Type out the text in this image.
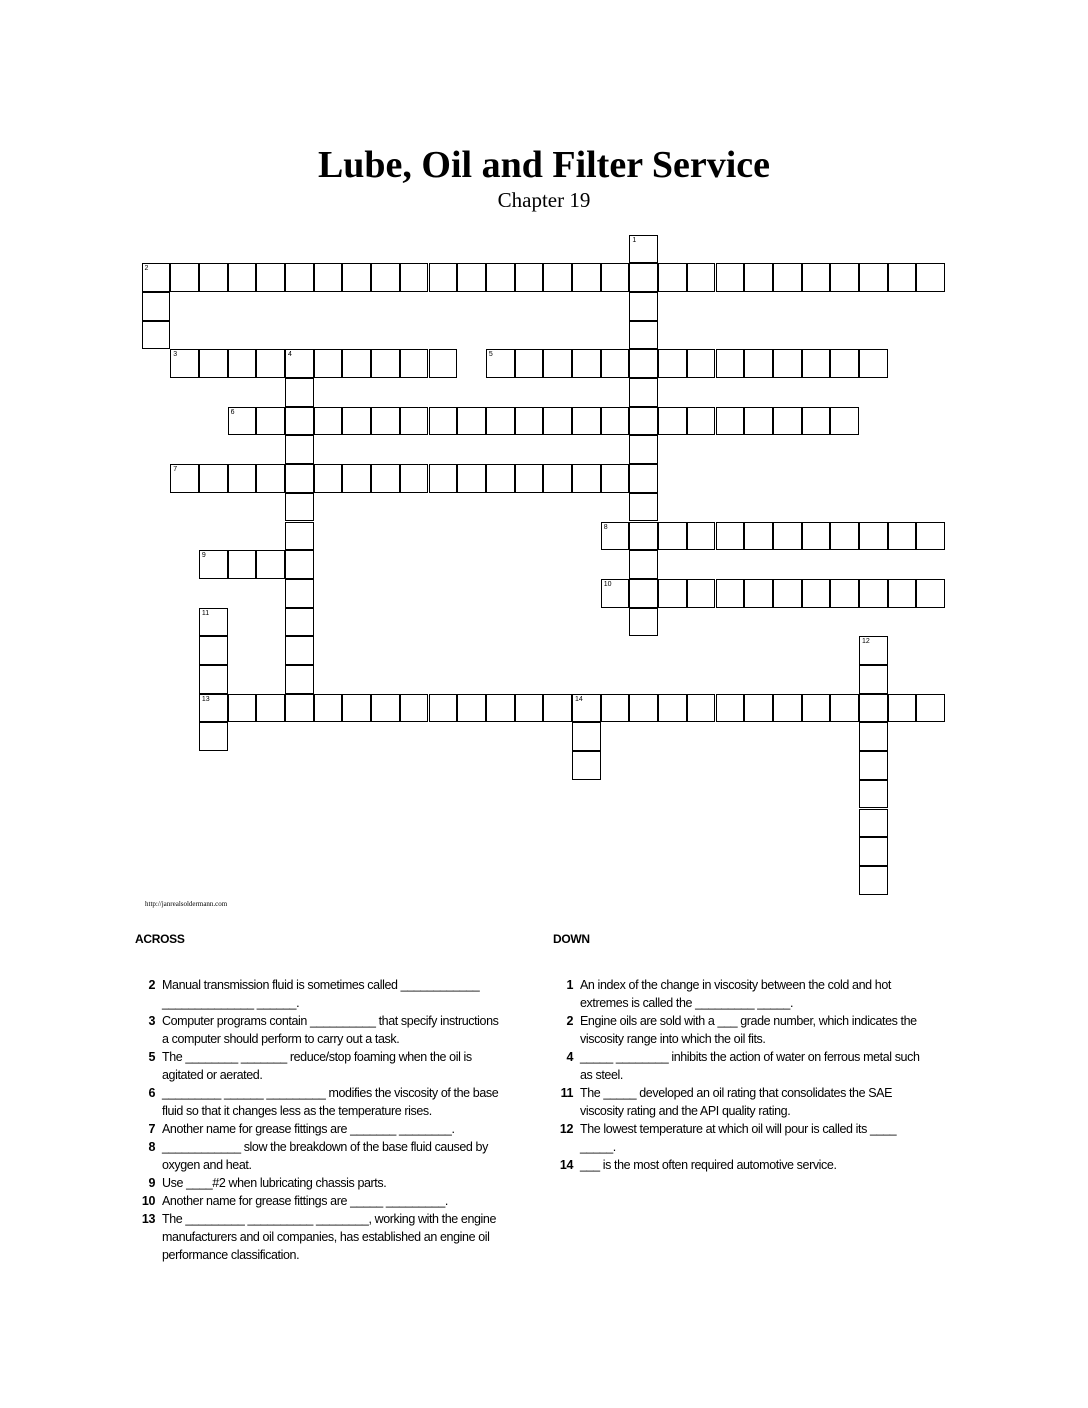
Lube, Oil and Filter Service
Chapter 19
1
2
3	4	5
6
7
8
9
10
11
13
12
14
http://janrealsoldermann.com
ACROSS
2 Manual transmission fluid is sometimes called ____________ ______________ ______.
3 Computer programs contain __________ that specify instructions a computer should perform to carry out a task.
5 The ________ _______ reduce/stop foaming when the oil is agitated or aerated.
6 _________ ______ _________ modifies the viscosity of the base fluid so that it changes less as the temperature rises.
7 Another name for grease fittings are _______ ________.
8 ____________ slow the breakdown of the base fluid caused by oxygen and heat.
9 Use ____#2 when lubricating chassis parts.
10 Another name for grease fittings are _____ _________.
13 The _________ __________ ________, working with the engine manufacturers and oil companies, has established an engine oil performance classification.
DOWN
1 An index of the change in viscosity between the cold and hot extremes is called the _________ _____.
2 Engine oils are sold with a ___ grade number, which indicates the viscosity range into which the oil fits.
4 _____ ________ inhibits the action of water on ferrous metal such as steel.
11 The _____ developed an oil rating that consolidates the SAE viscosity rating and the API quality rating.
12 The lowest temperature at which oil will pour is called its ____ _____.
14 ___ is the most often required automotive service.
